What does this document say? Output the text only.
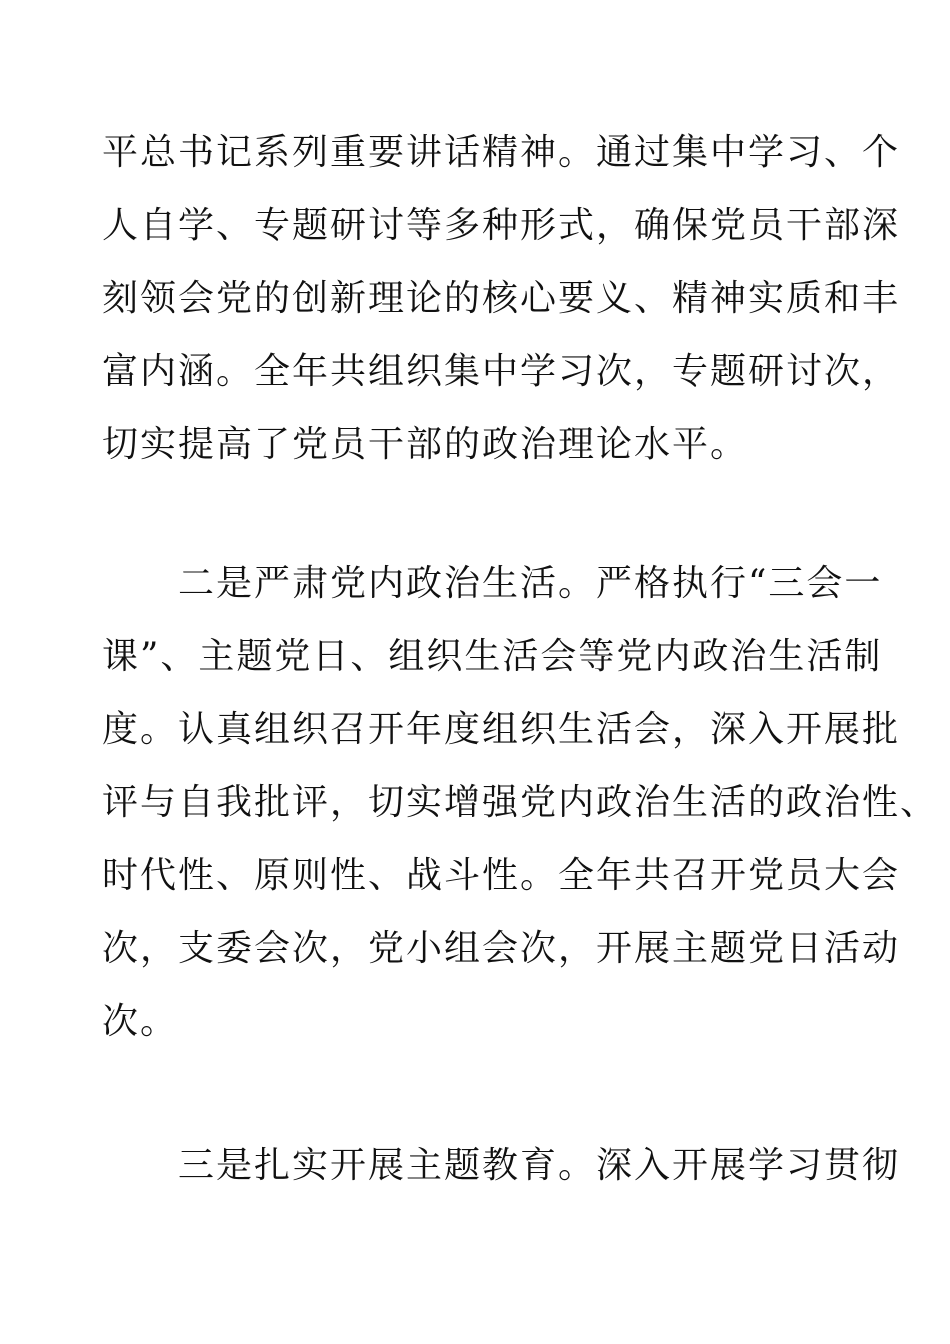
平总书记系列重要讲话精神。通过集中学习、个
人自学、专题研讨等多种形式，确保党员干部深
刻领会党的创新理论的核心要义、精神实质和丰
富内涵。全年共组织集中学习次，专题研讨次，
切实提高了党员干部的政治理论水平。
　　二是严肃党内政治生活。严格执行“三会一
课”、主题党日、组织生活会等党内政治生活制
度。认真组织召开年度组织生活会，深入开展批
评与自我批评，切实增强党内政治生活的政治性、
时代性、原则性、战斗性。全年共召开党员大会
次，支委会次，党小组会次，开展主题党日活动
次。
　　三是扎实开展主题教育。深入开展学习贯彻
